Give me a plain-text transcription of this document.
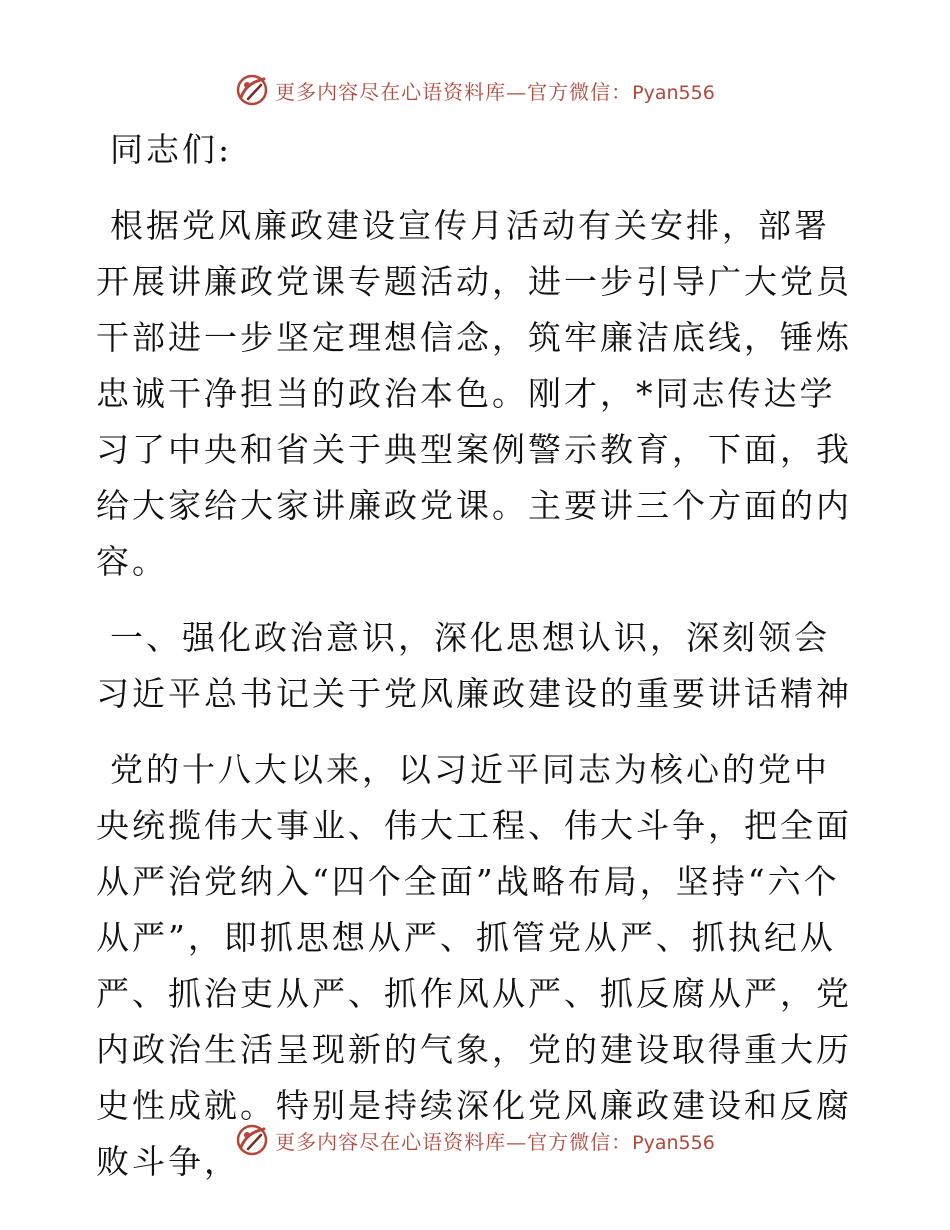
更多内容尽在心语资料库—官方微信：Pyan556

同志们:

根据党风廉政建设宣传月活动有关安排，部署开展讲廉政党课专题活动，进一步引导广大党员干部进一步坚定理想信念，筑牢廉洁底线，锤炼忠诚干净担当的政治本色。刚才，*同志传达学习了中央和省关于典型案例警示教育，下面，我给大家给大家讲廉政党课。主要讲三个方面的内容。

一、强化政治意识，深化思想认识，深刻领会习近平总书记关于党风廉政建设的重要讲话精神

党的十八大以来，以习近平同志为核心的党中央统揽伟大事业、伟大工程、伟大斗争，把全面从严治党纳入“四个全面”战略布局，坚持“六个从严”，即抓思想从严、抓管党从严、抓执纪从严、抓治吏从严、抓作风从严、抓反腐从严，党内政治生活呈现新的气象，党的建设取得重大历史性成就。特别是持续深化党风廉政建设和反腐败斗争，

更多内容尽在心语资料库—官方微信：Pyan556
